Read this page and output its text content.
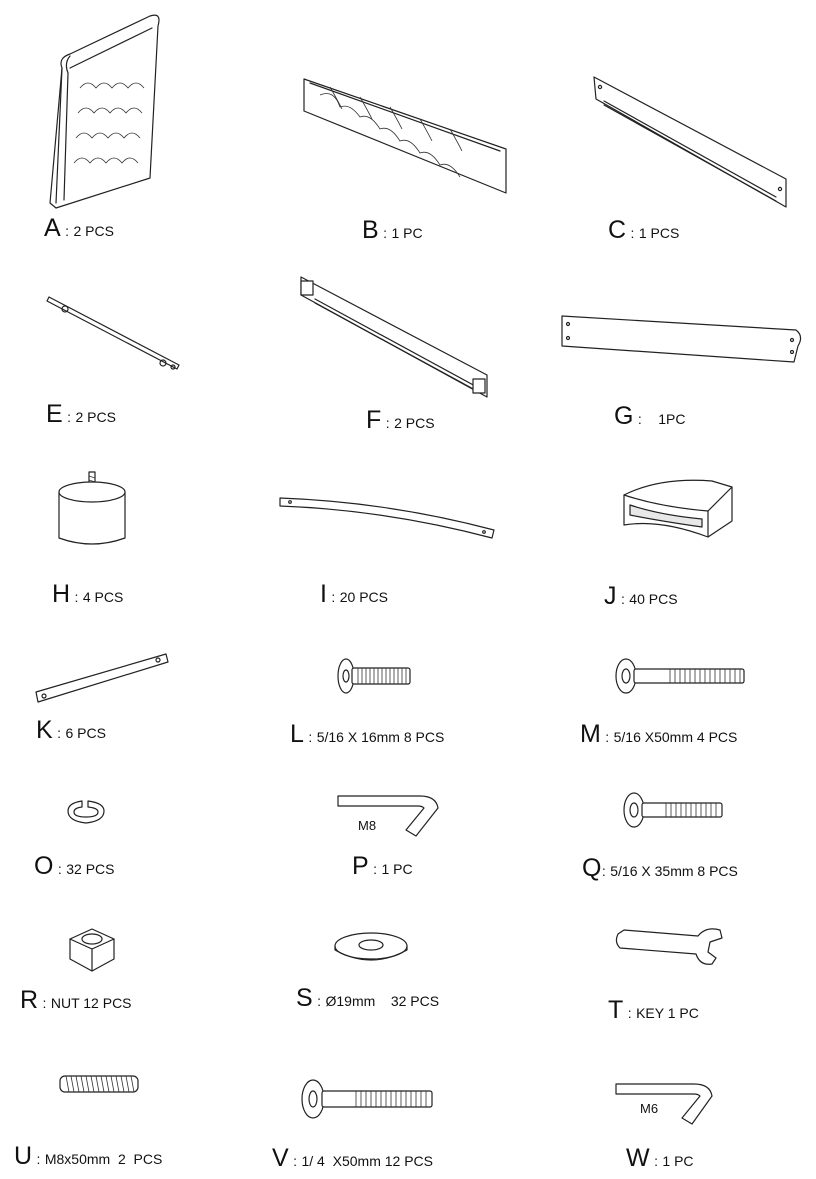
A : 2 PCS	B : 1 PC	C : 1 PCS
E : 2 PCS	F : 2 PCS	G : 1PC
H : 4 PCS	I : 20 PCS	J : 40 PCS
K : 6 PCS	L : 5/16 X 16mm 8 PCS	M : 5/16 X50mm 4 PCS
O : 32 PCS
M8
P : 1 PC	Q : 5/16 X 35mm 8 PCS
R : NUT 12 PCS	S : Ø19mm    32 PCS	T : KEY 1 PC
U : M8x50mm  2  PCS	V : 1/ 4  X50mm 12 PCS
M6
W : 1 PC
